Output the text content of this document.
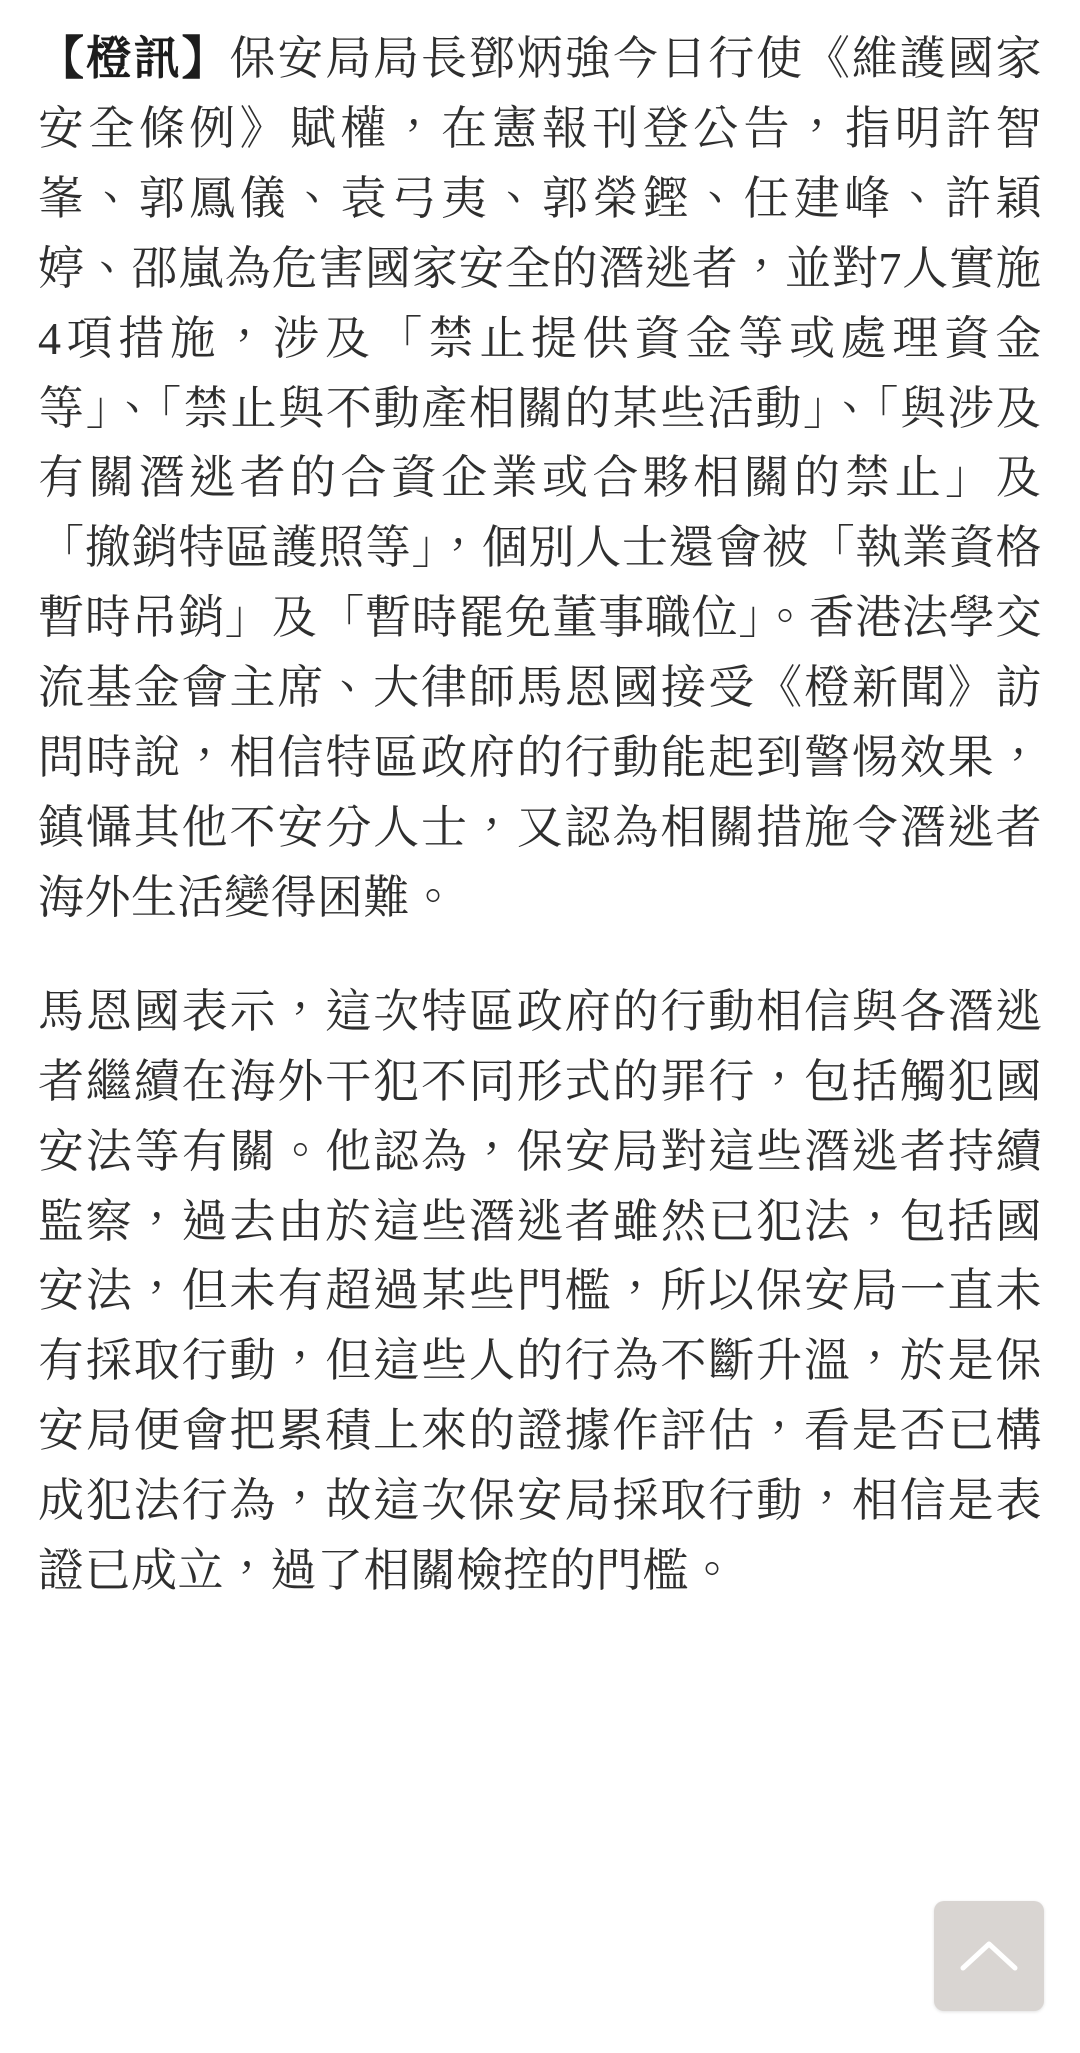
【橙訊】保安局局長鄧炳強今日行使《維護國家安全條例》賦權，在憲報刊登公告，指明許智峯、郭鳳儀、袁弓夷、郭榮鏗、任建峰、許穎婷、邵嵐為危害國家安全的潛逃者，並對7人實施4項措施，涉及「禁止提供資金等或處理資金等」、「禁止與不動產相關的某些活動」、「與涉及有關潛逃者的合資企業或合夥相關的禁止」及「撤銷特區護照等」，個別人士還會被「執業資格暫時吊銷」及「暫時罷免董事職位」。香港法學交流基金會主席、大律師馬恩國接受《橙新聞》訪問時說，相信特區政府的行動能起到警惕效果，鎮懾其他不安分人士，又認為相關措施令潛逃者海外生活變得困難。

馬恩國表示，這次特區政府的行動相信與各潛逃者繼續在海外干犯不同形式的罪行，包括觸犯國安法等有關。他認為，保安局對這些潛逃者持續監察，過去由於這些潛逃者雖然已犯法，包括國安法，但未有超過某些門檻，所以保安局一直未有採取行動，但這些人的行為不斷升溫，於是保安局便會把累積上來的證據作評估，看是否已構成犯法行為，故這次保安局採取行動，相信是表證已成立，過了相關檢控的門檻。
